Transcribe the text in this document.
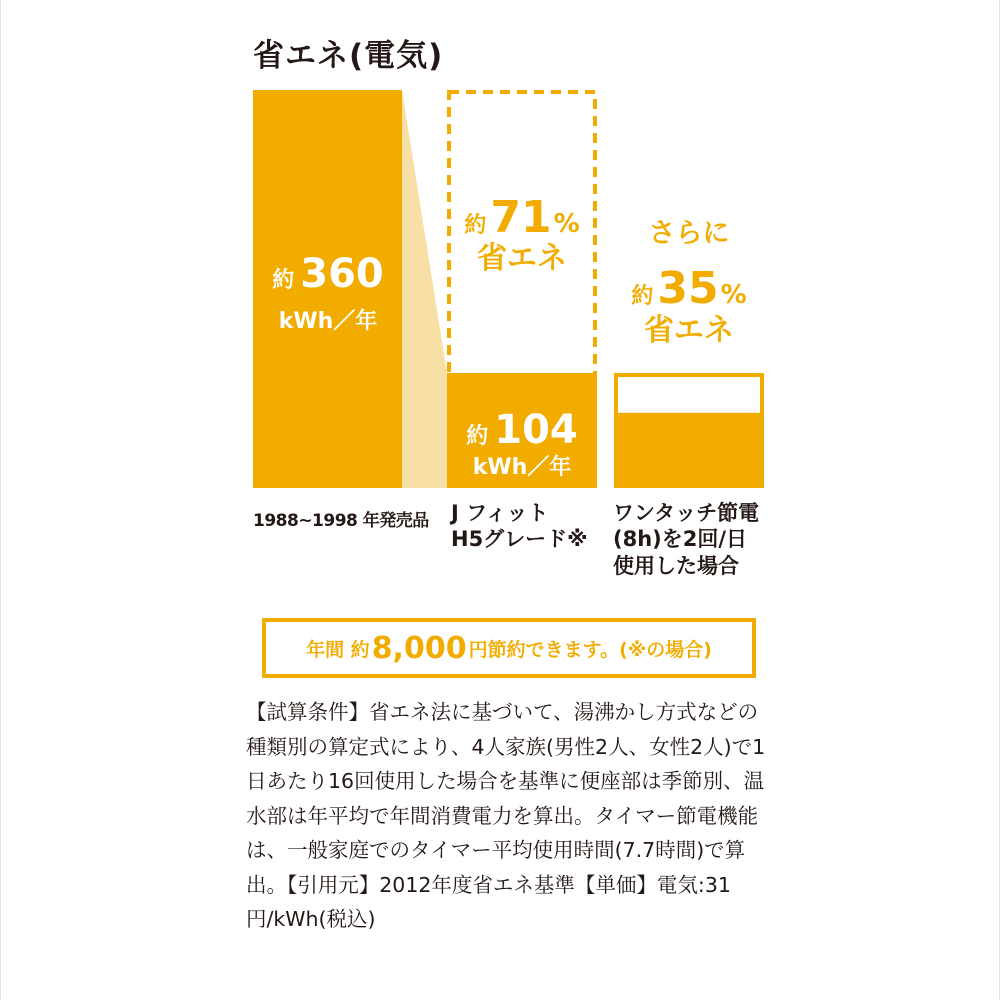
省エネ(電気)
約 360
kWh／年
約 104
kWh／年
約71%
省エネ
さらに
約35%
省エネ
1988~1998 年発売品 J フィット
H5グレード※
ワンタッチ節電
(8h)を2回/日
使用した場合
年間 約 8,000 円 節約できます。 (※の場合)
【試算条件】省エネ法に基づいて、湯沸かし方式などの種類別の算定式により、4人家族(男性2人、女性2人)で1日あたり16回使用した場合を基準に便座部は季節別、温水部は年平均で年間消費電力を算出。タイマー節電機能は、一般家庭でのタイマー平均使用時間(7.7時間)で算出。【引用元】2012年度省エネ基準【単価】電気:31円/kWh(税込)
